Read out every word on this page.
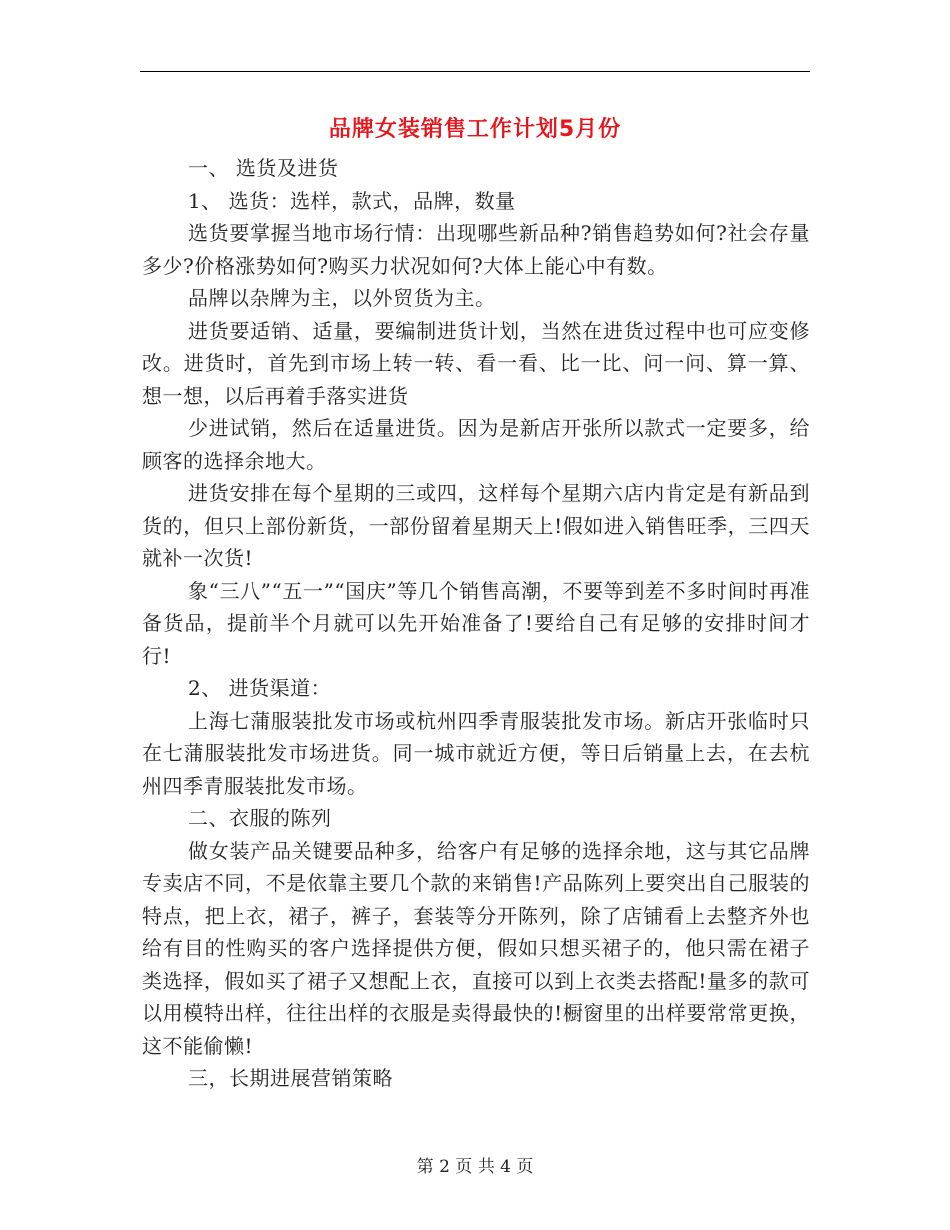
品牌女装销售工作计划5月份

一、 选货及进货

1、 选货：选样，款式，品牌，数量

选货要掌握当地市场行情：出现哪些新品种?销售趋势如何?社会存量多少?价格涨势如何?购买力状况如何?大体上能心中有数。

品牌以杂牌为主，以外贸货为主。

进货要适销、适量，要编制进货计划，当然在进货过程中也可应变修改。进货时，首先到市场上转一转、看一看、比一比、问一问、算一算、想一想，以后再着手落实进货

少进试销，然后在适量进货。因为是新店开张所以款式一定要多，给顾客的选择余地大。

进货安排在每个星期的三或四，这样每个星期六店内肯定是有新品到货的，但只上部份新货，一部份留着星期天上!假如进入销售旺季，三四天就补一次货!

象“三八”“五一”“国庆”等几个销售高潮，不要等到差不多时间时再准备货品，提前半个月就可以先开始准备了!要给自己有足够的安排时间才行!

2、 进货渠道：

上海七蒲服装批发市场或杭州四季青服装批发市场。新店开张临时只在七蒲服装批发市场进货。同一城市就近方便，等日后销量上去，在去杭州四季青服装批发市场。

二、衣服的陈列

做女装产品关键要品种多，给客户有足够的选择余地，这与其它品牌专卖店不同，不是依靠主要几个款的来销售!产品陈列上要突出自己服装的特点，把上衣，裙子，裤子，套装等分开陈列，除了店铺看上去整齐外也给有目的性购买的客户选择提供方便，假如只想买裙子的，他只需在裙子类选择，假如买了裙子又想配上衣，直接可以到上衣类去搭配!量多的款可以用模特出样，往往出样的衣服是卖得最快的!橱窗里的出样要常常更换，这不能偷懒!

三，长期进展营销策略

第 2 页 共 4 页
